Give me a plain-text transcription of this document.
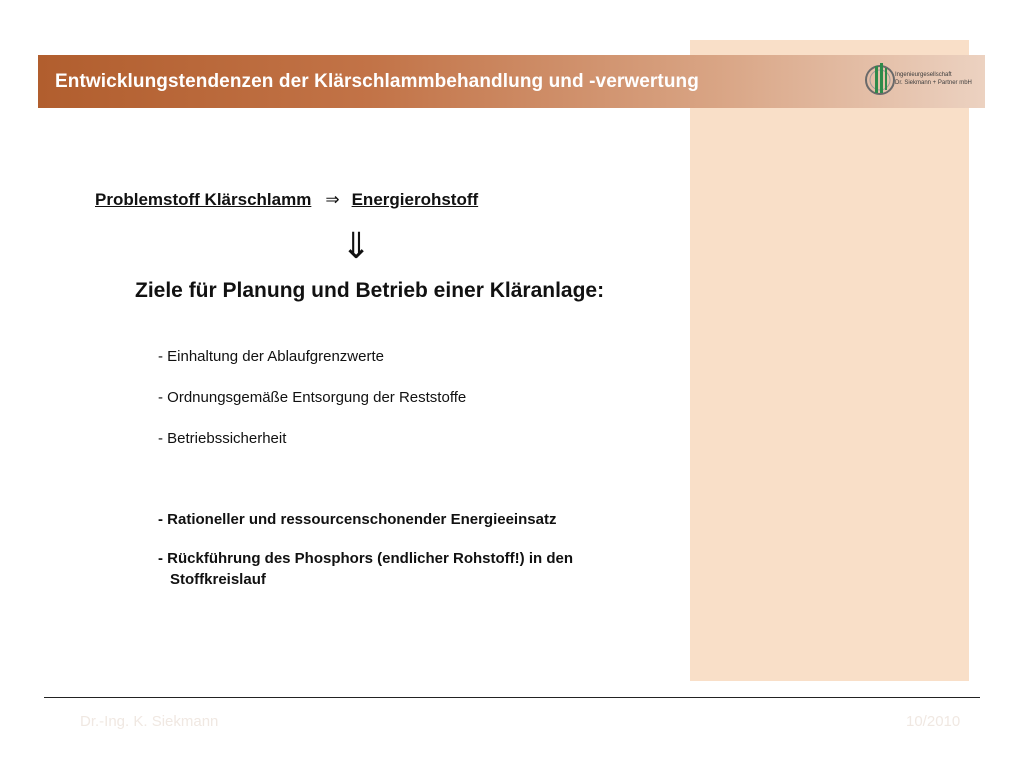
Entwicklungstendenzen der Klärschlammbehandlung und -verwertung	Ingenieurgesellschaft
Dr. Siekmann + Partner mbH
Problemstoff Klärschlamm ⇒ Energierohstoff
⇓
Ziele für Planung und Betrieb einer Kläranlage:
- Einhaltung der Ablaufgrenzwerte
- Ordnungsgemäße Entsorgung der Reststoffe
- Betriebssicherheit
- Rationeller und ressourcenschonender Energieeinsatz
- Rückführung des Phosphors (endlicher Rohstoff!) in den
Stoffkreislauf
Dr.-Ing. K. Siekmann	10/2010
